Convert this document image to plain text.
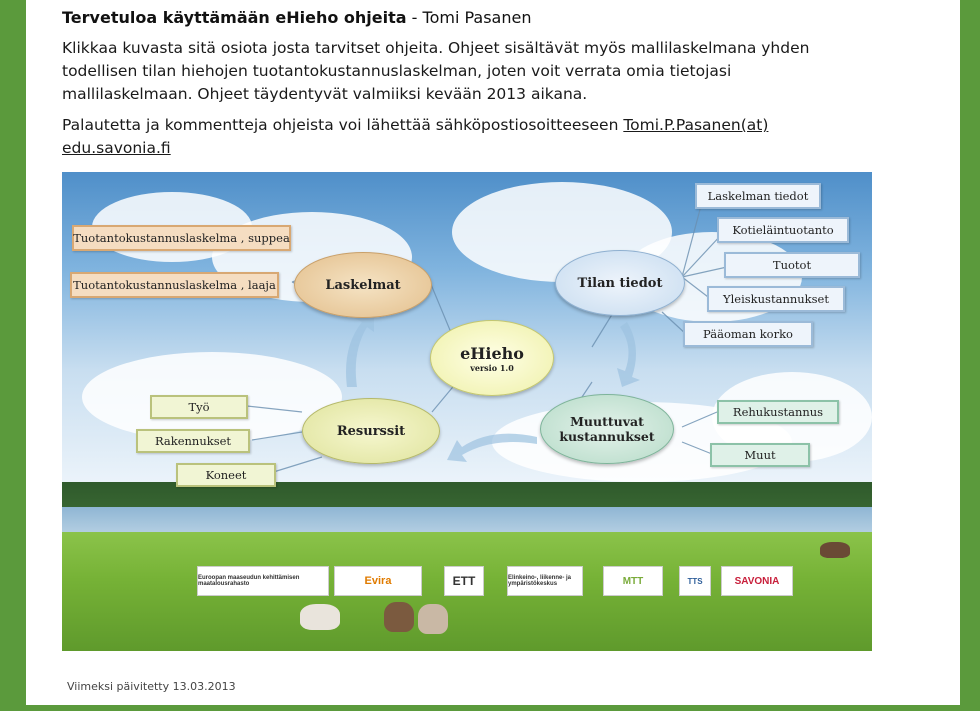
Tervetuloa käyttämään eHieho ohjeita - Tomi Pasanen

Klikkaa kuvasta sitä osiota josta tarvitset ohjeita. Ohjeet sisältävät myös mallilaskelmana yhden todellisen tilan hiehojen tuotantokustannuslaskelman, joten voit verrata omia tietojasi mallilaskelmaan. Ohjeet täydentyvät valmiiksi kevään 2013 aikana.

Palautetta ja kommentteja ohjeista voi lähettää sähköpostiosoitteeseen Tomi.P.Pasanen(at)
edu.savonia.fi

Viimeksi päivitetty 13.03.2013
eHieho
versio 1.0
Laskelmat	Tilan tiedot
Resurssit
Muuttuvat kustannukset
Tuotantokustannuslaskelma , suppea
Tuotantokustannuslaskelma , laaja
Laskelman tiedot
Kotieläintuotanto
Tuotot
Yleiskustannukset
Pääoman korko
Työ
Rakennukset
Koneet
Rehukustannus
Muut
Euroopan maaseudun kehittämisen maatalousrahasto	Evira	ETT	Elinkeino-, liikenne- ja ympäristökeskus	MTT	TTS	SAVONIA
